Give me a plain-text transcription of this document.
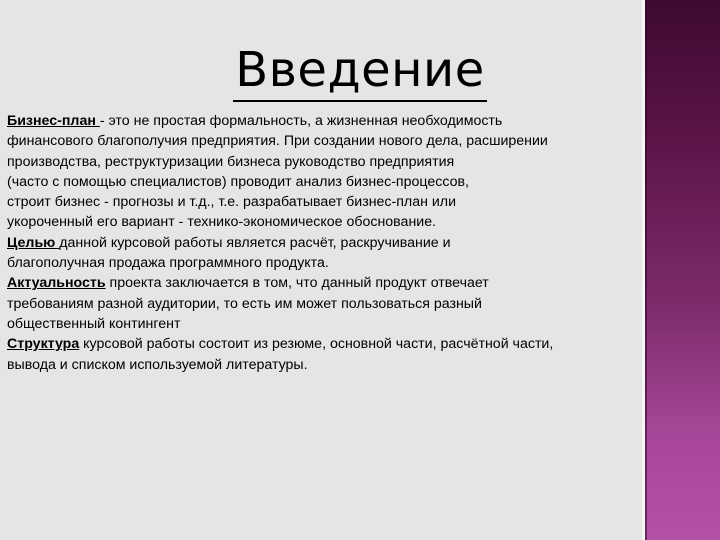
Введение
Бизнес-план - это не простая формальность, а жизненная необходимость
финансового благополучия предприятия. При создании нового дела, расширении
производства, реструктуризации бизнеса руководство предприятия
(часто с помощью специалистов) проводит анализ бизнес-процессов,
строит бизнес - прогнозы и т.д., т.е. разрабатывает бизнес-план или
укороченный его вариант - технико-экономическое обоснование.
Целью данной курсовой работы является расчёт, раскручивание и
благополучная продажа программного продукта.
Актуальность проекта заключается в том, что данный продукт отвечает
требованиям разной аудитории, то есть им может пользоваться разный
общественный контингент
Структура курсовой работы состоит из резюме, основной части, расчётной части,
вывода и списком используемой литературы.
